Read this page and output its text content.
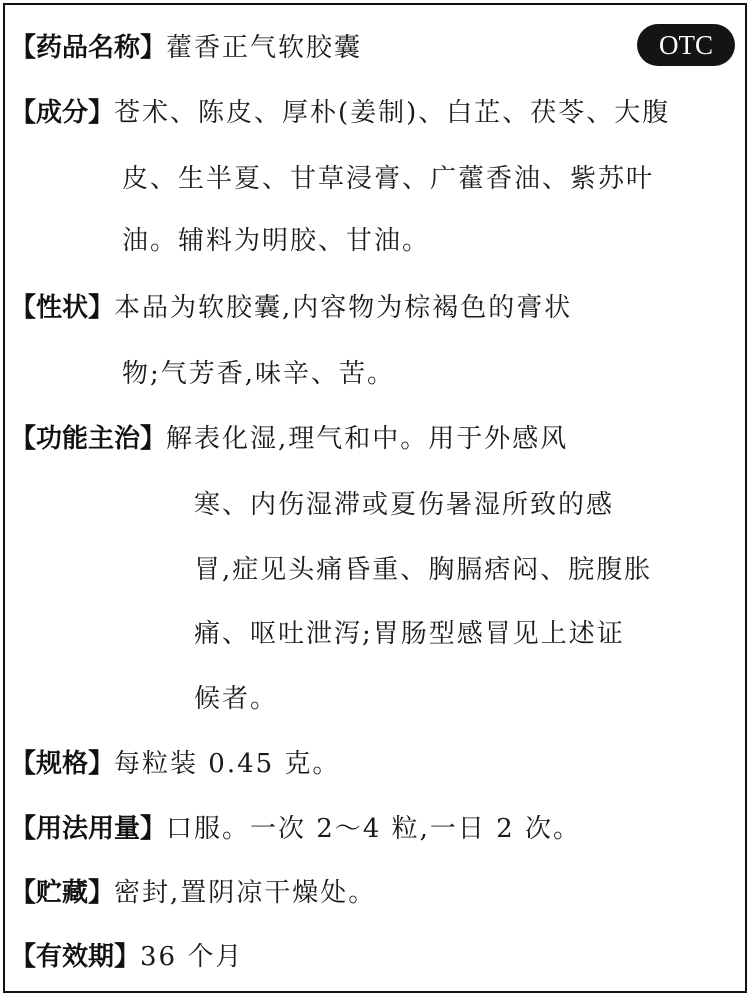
OTC
【药品名称】 藿香正气软胶囊
【成分】 苍术、陈皮、厚朴(姜制)、白芷、茯苓、大腹
皮、生半夏、甘草浸膏、广藿香油、紫苏叶
油。辅料为明胶、甘油。
【性状】 本品为软胶囊,内容物为棕褐色的膏状
物;气芳香,味辛、苦。
【功能主治】 解表化湿,理气和中。用于外感风
寒、内伤湿滞或夏伤暑湿所致的感
冒,症见头痛昏重、胸膈痞闷、脘腹胀
痛、呕吐泄泻;胃肠型感冒见上述证
候者。
【规格】 每粒装 0.45 克。
【用法用量】 口服。一次 2～4 粒,一日 2 次。
【贮藏】 密封,置阴凉干燥处。
【有效期】 36 个月
